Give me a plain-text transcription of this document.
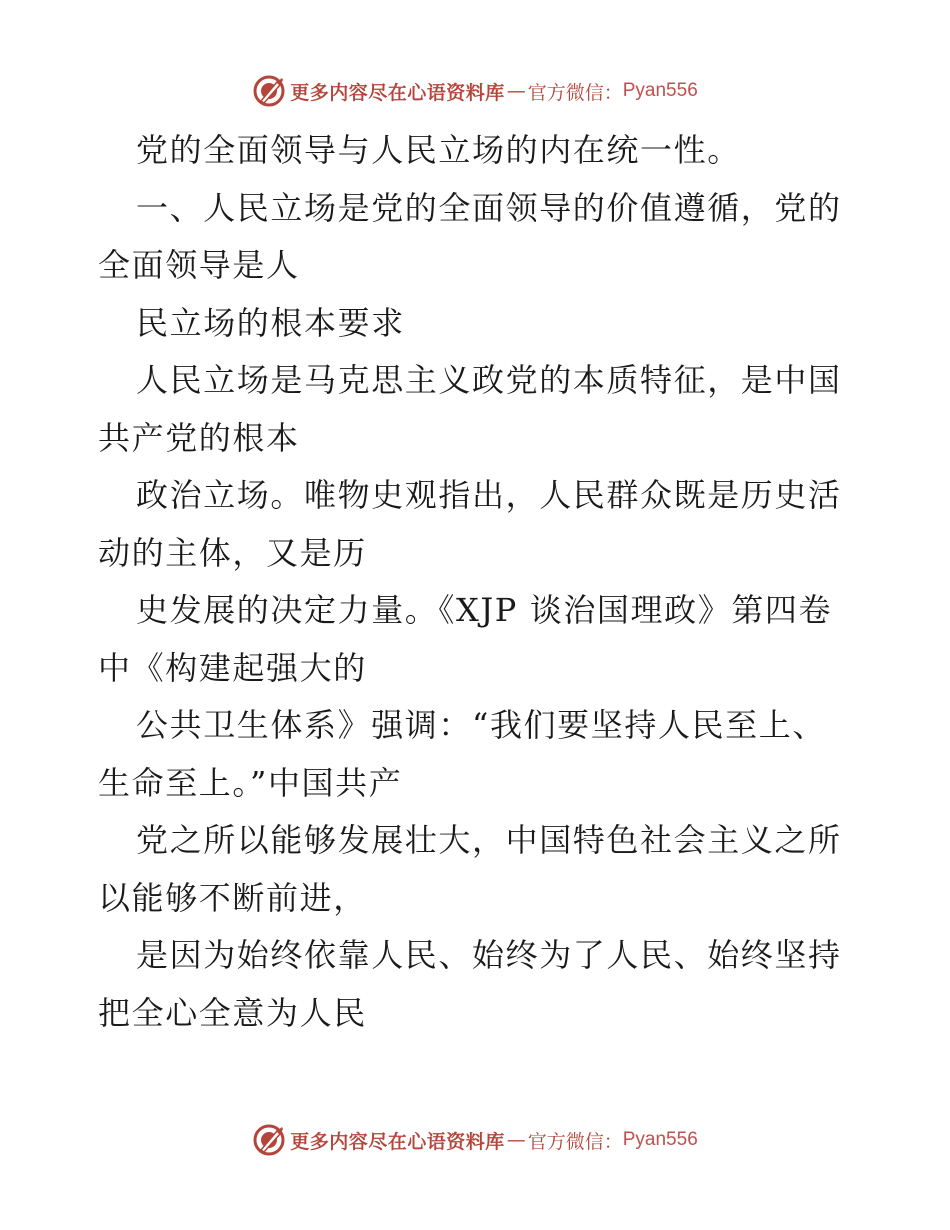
更多内容尽在心语资料库 — 官方微信： Pyan556
党的全面领导与人民立场的内在统一性。
一、人民立场是党的全面领导的价值遵循，党的
全面领导是人
民立场的根本要求
人民立场是马克思主义政党的本质特征，是中国
共产党的根本
政治立场。唯物史观指出，人民群众既是历史活
动的主体，又是历
史发展的决定力量。《XJP 谈治国理政》第四卷
中《构建起强大的
公共卫生体系》强调：“我们要坚持人民至上、
生命至上。”中国共产
党之所以能够发展壮大，中国特色社会主义之所
以能够不断前进，
是因为始终依靠人民、始终为了人民、始终坚持
把全心全意为人民
更多内容尽在心语资料库 — 官方微信： Pyan556
